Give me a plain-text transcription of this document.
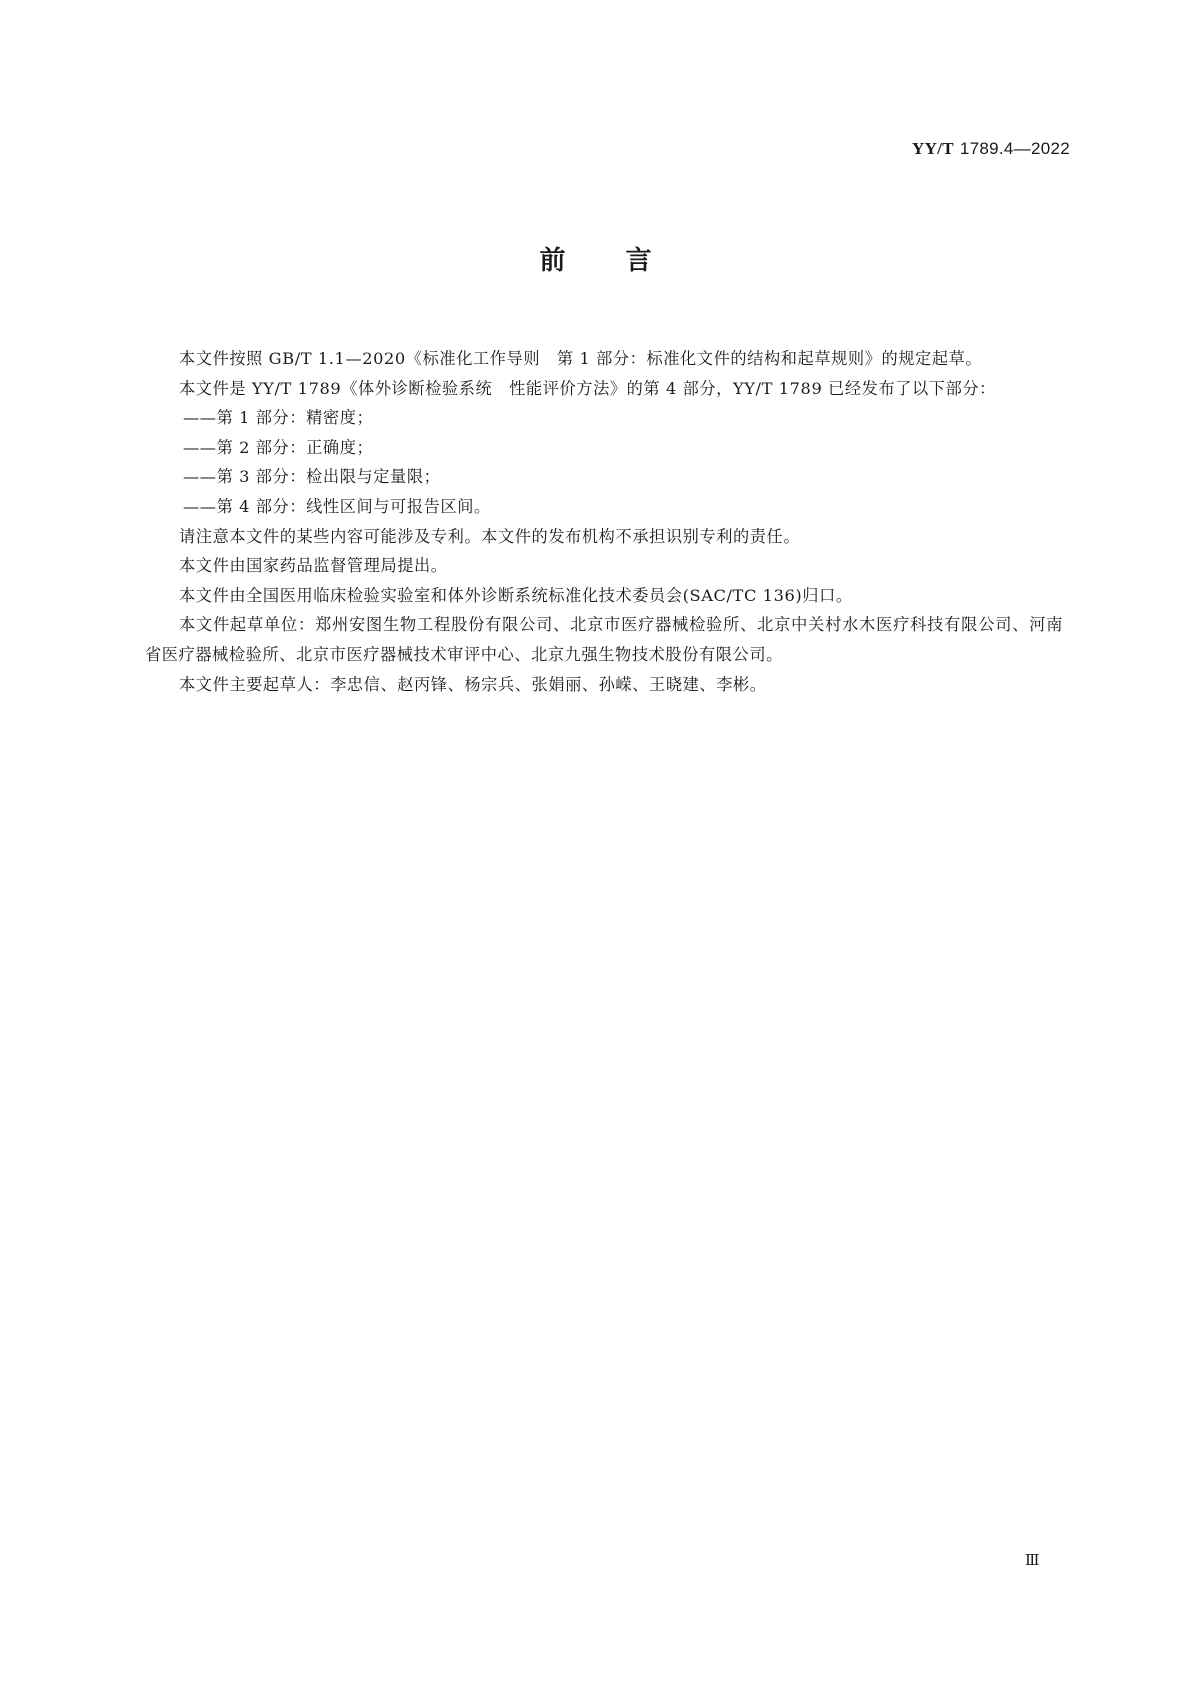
YY/T 1789.4—2022
前言

本文件按照 GB/T 1.1—2020《标准化工作导则　第 1 部分：标准化文件的结构和起草规则》的规定起草。

本文件是 YY/T 1789《体外诊断检验系统　性能评价方法》的第 4 部分，YY/T 1789 已经发布了以下部分：

——第 1 部分：精密度；

——第 2 部分：正确度；

——第 3 部分：检出限与定量限；

——第 4 部分：线性区间与可报告区间。

请注意本文件的某些内容可能涉及专利。本文件的发布机构不承担识别专利的责任。

本文件由国家药品监督管理局提出。

本文件由全国医用临床检验实验室和体外诊断系统标准化技术委员会(SAC/TC 136)归口。

本文件起草单位：郑州安图生物工程股份有限公司、北京市医疗器械检验所、北京中关村水木医疗科技有限公司、河南省医疗器械检验所、北京市医疗器械技术审评中心、北京九强生物技术股份有限公司。

本文件主要起草人：李忠信、赵丙锋、杨宗兵、张娟丽、孙嵘、王晓建、李彬。

Ⅲ
